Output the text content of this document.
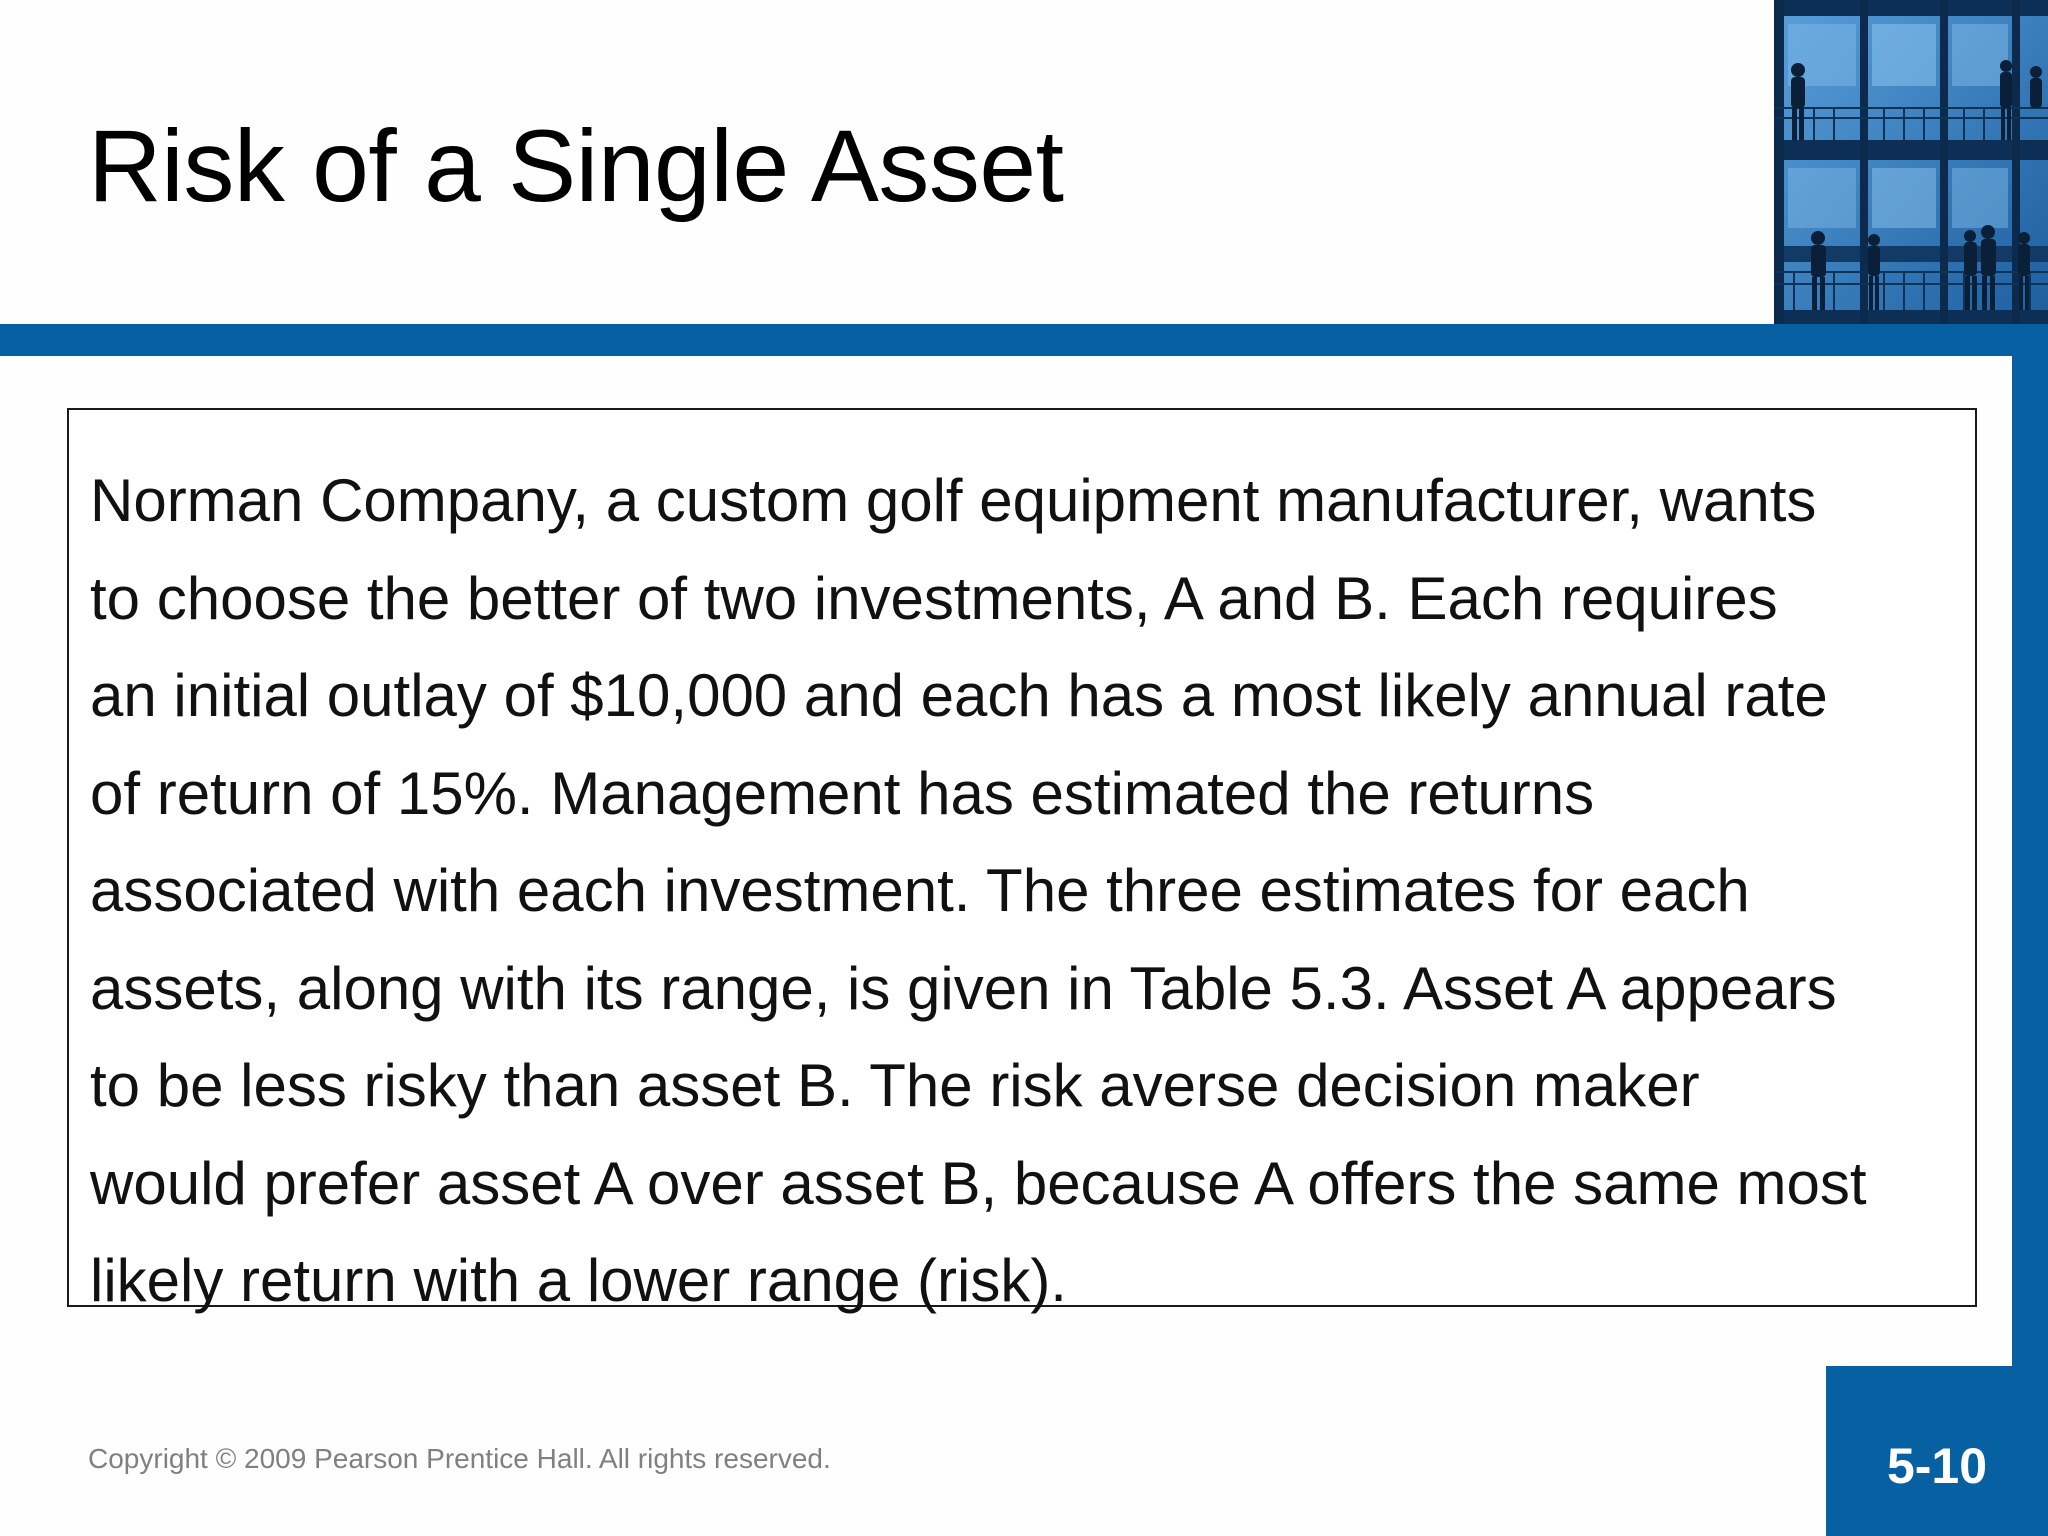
Risk of a Single Asset

Norman Company, a custom golf equipment manufacturer, wants
to choose the better of two investments, A and B. Each requires
an initial outlay of $10,000 and each has a most likely annual rate
of return of 15%. Management has estimated the returns
associated with each investment. The three estimates for each
assets, along with its range, is given in Table 5.3. Asset A appears
to be less risky than asset B. The risk averse decision maker
would prefer asset A over asset B, because A offers the same most
likely return with a lower range (risk).

Copyright © 2009 Pearson Prentice Hall. All rights reserved.	5-10
